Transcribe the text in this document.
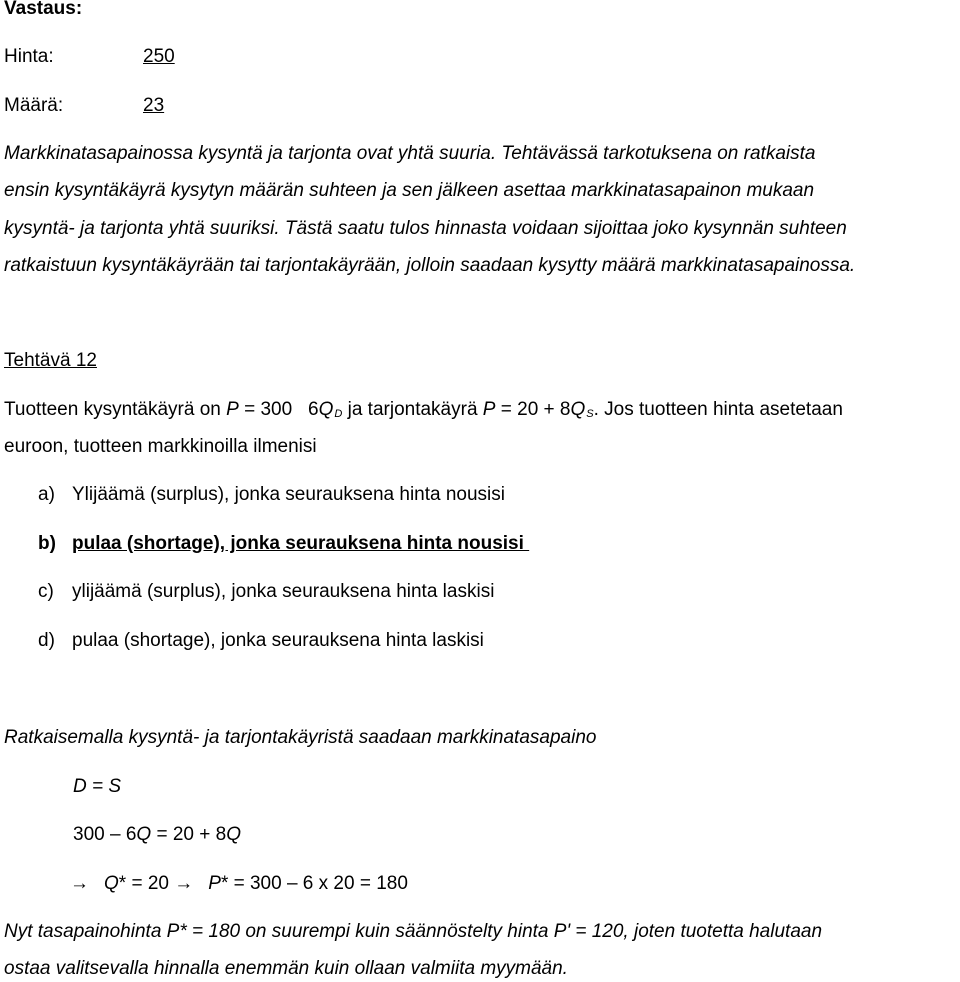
Vastaus:
Hinta:	250
Määrä:	23
Markkinatasapainossa kysyntä ja tarjonta ovat yhtä suuria. Tehtävässä tarkotuksena on ratkaista
ensin kysyntäkäyrä kysytyn määrän suhteen ja sen jälkeen asettaa markkinatasapainon mukaan
kysyntä- ja tarjonta yhtä suuriksi. Tästä saatu tulos hinnasta voidaan sijoittaa joko kysynnän suhteen
ratkaistuun kysyntäkäyrään tai tarjontakäyrään, jolloin saadaan kysytty määrä markkinatasapainossa.
Tehtävä 12
Tuotteen kysyntäkäyrä on P = 300   6QD ja tarjontakäyrä P = 20 + 8QS. Jos tuotteen hinta asetetaan
euroon, tuotteen markkinoilla ilmenisi
a) Ylijäämä (surplus), jonka seurauksena hinta nousisi
b) pulaa (shortage), jonka seurauksena hinta nousisi
c) ylijäämä (surplus), jonka seurauksena hinta laskisi
d) pulaa (shortage), jonka seurauksena hinta laskisi
Ratkaisemalla kysyntä- ja tarjontakäyristä saadaan markkinatasapaino
D = S
300 – 6Q = 20 + 8Q
→ Q* = 20 → P* = 300 – 6 x 20 = 180
Nyt tasapainohinta P* = 180 on suurempi kuin säännöstelty hinta P' = 120, joten tuotetta halutaan
ostaa valitsevalla hinnalla enemmän kuin ollaan valmiita myymään.
